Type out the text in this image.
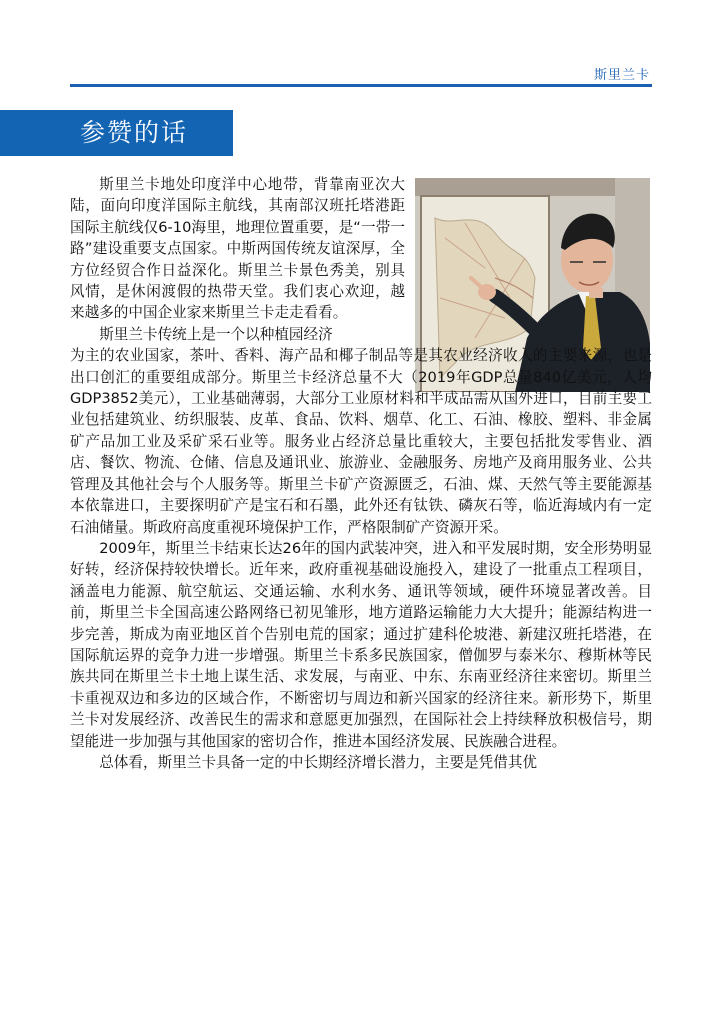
斯里兰卡
参赞的话

斯里兰卡地处印度洋中心地带，背靠南亚次大陆，面向印度洋国际主航线，其南部汉班托塔港距国际主航线仅6-10海里，地理位置重要，是“一带一路”建设重要支点国家。中斯两国传统友谊深厚，全方位经贸合作日益深化。斯里兰卡景色秀美，别具风情，是休闲渡假的热带天堂。我们衷心欢迎，越来越多的中国企业家来斯里兰卡走走看看。

斯里兰卡传统上是一个以种植园经济

为主的农业国家，茶叶、香料、海产品和椰子制品等是其农业经济收入的主要来源，也是出口创汇的重要组成部分。斯里兰卡经济总量不大（2019年GDP总量840亿美元，人均GDP3852美元），工业基础薄弱，大部分工业原材料和半成品需从国外进口，目前主要工业包括建筑业、纺织服装、皮革、食品、饮料、烟草、化工、石油、橡胶、塑料、非金属矿产品加工业及采矿采石业等。服务业占经济总量比重较大，主要包括批发零售业、酒店、餐饮、物流、仓储、信息及通讯业、旅游业、金融服务、房地产及商用服务业、公共管理及其他社会与个人服务等。斯里兰卡矿产资源匮乏，石油、煤、天然气等主要能源基本依靠进口，主要探明矿产是宝石和石墨，此外还有钛铁、磷灰石等，临近海域内有一定石油储量。斯政府高度重视环境保护工作，严格限制矿产资源开采。

2009年，斯里兰卡结束长达26年的国内武装冲突，进入和平发展时期，安全形势明显好转，经济保持较快增长。近年来，政府重视基础设施投入，建设了一批重点工程项目，涵盖电力能源、航空航运、交通运输、水利水务、通讯等领域，硬件环境显著改善。目前，斯里兰卡全国高速公路网络已初见雏形，地方道路运输能力大大提升；能源结构进一步完善，斯成为南亚地区首个告别电荒的国家；通过扩建科伦坡港、新建汉班托塔港，在国际航运界的竞争力进一步增强。斯里兰卡系多民族国家，僧伽罗与泰米尔、穆斯林等民族共同在斯里兰卡土地上谋生活、求发展，与南亚、中东、东南亚经济往来密切。斯里兰卡重视双边和多边的区域合作，不断密切与周边和新兴国家的经济往来。新形势下，斯里兰卡对发展经济、改善民生的需求和意愿更加强烈，在国际社会上持续释放积极信号，期望能进一步加强与其他国家的密切合作，推进本国经济发展、民族融合进程。

总体看，斯里兰卡具备一定的中长期经济增长潜力，主要是凭借其优
